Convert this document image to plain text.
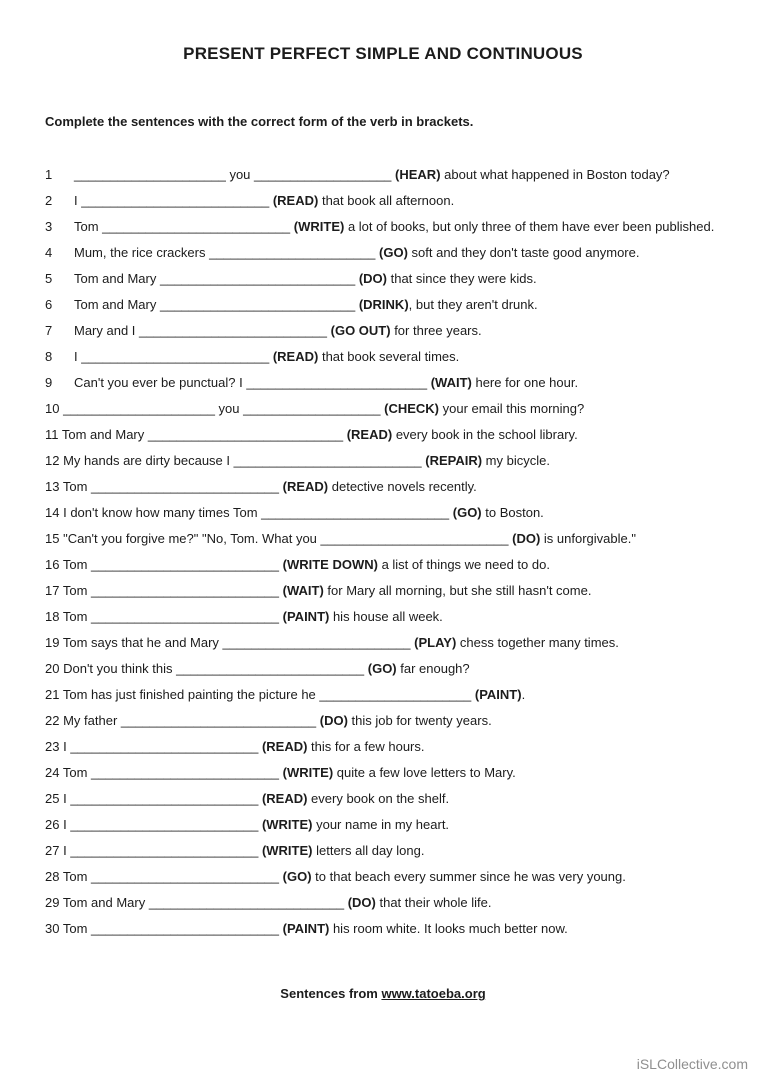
PRESENT PERFECT SIMPLE AND CONTINUOUS

Complete the sentences with the correct form of the verb in brackets.

1 _____________________ you ___________________ (HEAR) about what happened in Boston today?
2 I __________________________ (READ) that book all afternoon.
3 Tom __________________________ (WRITE) a lot of books, but only three of them have ever been published.
4 Mum, the rice crackers _______________________ (GO) soft and they don't taste good anymore.
5 Tom and Mary ___________________________ (DO) that since they were kids.
6 Tom and Mary ___________________________ (DRINK), but they aren't drunk.
7 Mary and I __________________________ (GO OUT) for three years.
8 I __________________________ (READ) that book several times.
9 Can't you ever be punctual? I _________________________ (WAIT) here for one hour.
10 _____________________ you ___________________ (CHECK) your email this morning?
11 Tom and Mary ___________________________ (READ) every book in the school library.
12 My hands are dirty because I __________________________ (REPAIR) my bicycle.
13 Tom __________________________ (READ) detective novels recently.
14 I don't know how many times Tom __________________________ (GO) to Boston.
15 "Can't you forgive me?" "No, Tom. What you __________________________ (DO) is unforgivable."
16 Tom __________________________ (WRITE DOWN) a list of things we need to do.
17 Tom __________________________ (WAIT) for Mary all morning, but she still hasn't come.
18 Tom __________________________ (PAINT) his house all week.
19 Tom says that he and Mary __________________________ (PLAY) chess together many times.
20 Don't you think this __________________________ (GO) far enough?
21 Tom has just finished painting the picture he _____________________ (PAINT).
22 My father ___________________________ (DO) this job for twenty years.
23 I __________________________ (READ) this for a few hours.
24 Tom __________________________ (WRITE) quite a few love letters to Mary.
25 I __________________________ (READ) every book on the shelf.
26 I __________________________ (WRITE) your name in my heart.
27 I __________________________ (WRITE) letters all day long.
28 Tom __________________________ (GO) to that beach every summer since he was very young.
29 Tom and Mary ___________________________ (DO) that their whole life.
30 Tom __________________________ (PAINT) his room white. It looks much better now.

Sentences from www.tatoeba.org

iSLCollective.com
